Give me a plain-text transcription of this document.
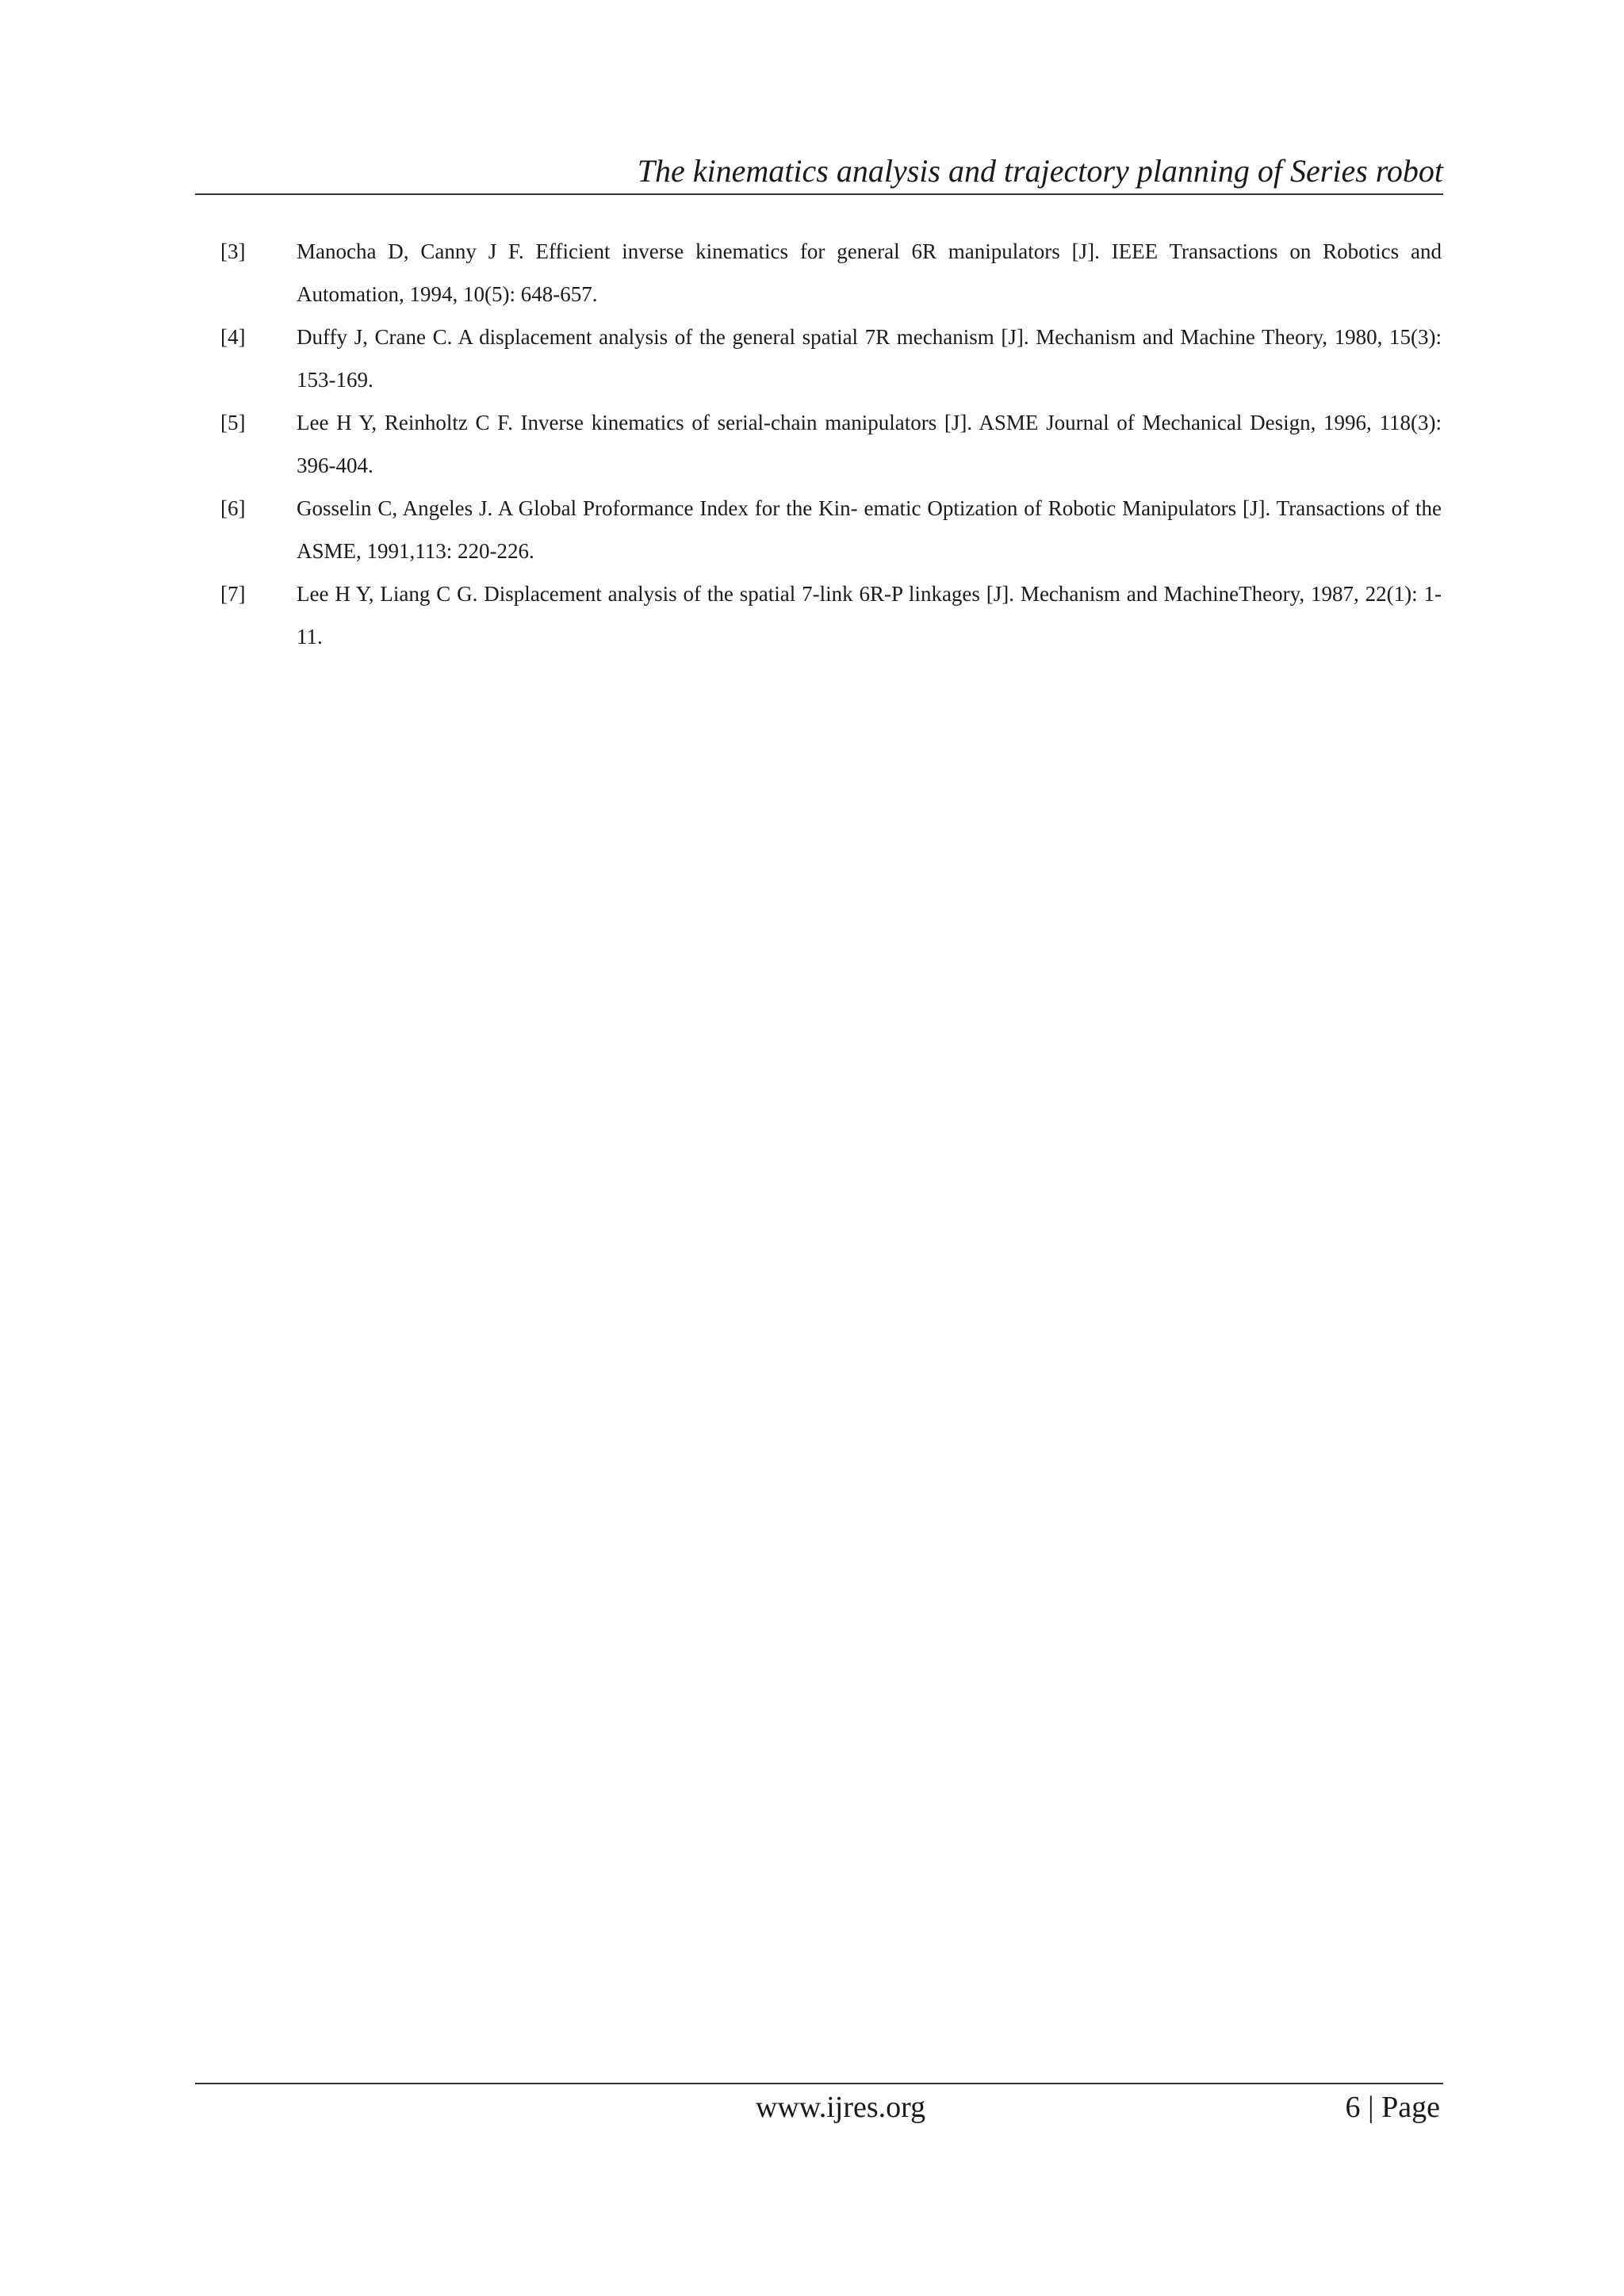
The kinematics analysis and trajectory planning of Series robot
[3]	Manocha D, Canny J F. Efficient inverse kinematics for general 6R manipulators [J]. IEEE Transactions on Robotics and Automation, 1994, 10(5): 648-657.
[4]	Duffy J, Crane C. A displacement analysis of the general spatial 7R mechanism [J]. Mechanism and Machine Theory, 1980, 15(3): 153-169.
[5]	Lee H Y, Reinholtz C F. Inverse kinematics of serial-chain manipulators [J]. ASME Journal of Mechanical Design, 1996, 118(3): 396-404.
[6]	Gosselin C, Angeles J. A Global Proformance Index for the Kin- ematic Optization of Robotic Manipulators [J]. Transactions of the ASME, 1991,113: 220-226.
[7]	Lee H Y, Liang C G. Displacement analysis of the spatial 7-link 6R-P linkages [J]. Mechanism and MachineTheory, 1987, 22(1): 1-11.
www.ijres.org	6 | Page
